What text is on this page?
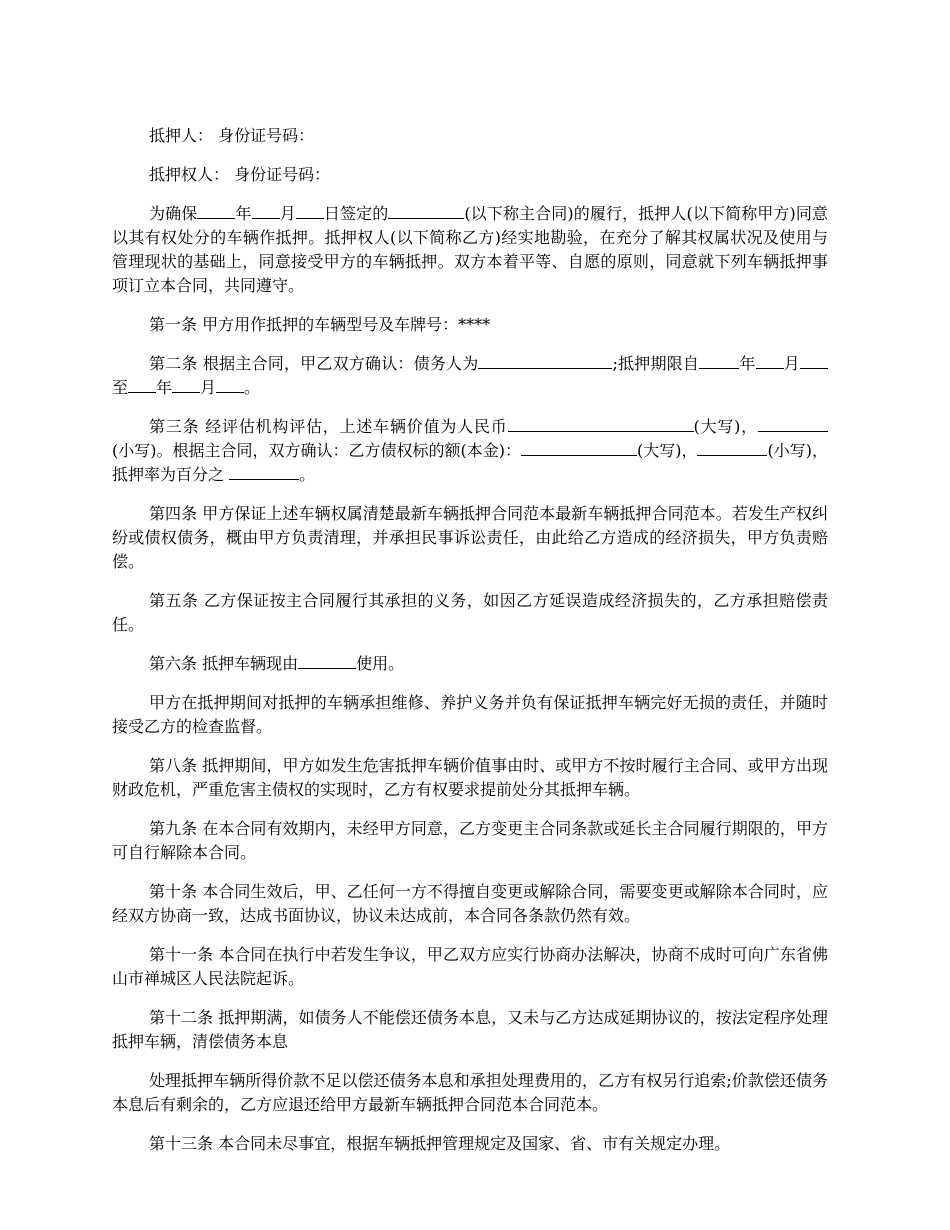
抵押人： 身份证号码：

抵押权人： 身份证号码：

为确保 年 月 日签定的	(以下称主合同)的履行，抵押人(以下简称甲方)同意以其有权处分的车辆作抵押。抵押权人(以下简称乙方)经实地勘验，在充分了解其权属状况及使用与管理现状的基础上，同意接受甲方的车辆抵押。双方本着平等、自愿的原则，同意就下列车辆抵押事项订立本合同，共同遵守。

第一条 甲方用作抵押的车辆型号及车牌号：****

第二条 根据主合同，甲乙双方确认：债务人为	;抵押期限自	年 月至 年 月 。

第三条 经评估机构评估，上述车辆价值为人民币	(大写)，(小写)。根据主合同，双方确认：乙方债权标的额(本金)：	(大写)，	(小写)，抵押率为百分之	。

第四条 甲方保证上述车辆权属清楚最新车辆抵押合同范本最新车辆抵押合同范本。若发生产权纠纷或债权债务，概由甲方负责清理，并承担民事诉讼责任，由此给乙方造成的经济损失，甲方负责赔偿。

第五条 乙方保证按主合同履行其承担的义务，如因乙方延误造成经济损失的，乙方承担赔偿责任。

第六条 抵押车辆现由	使用。

甲方在抵押期间对抵押的车辆承担维修、养护义务并负有保证抵押车辆完好无损的责任，并随时接受乙方的检查监督。

第八条 抵押期间，甲方如发生危害抵押车辆价值事由时、或甲方不按时履行主合同、或甲方出现财政危机，严重危害主债权的实现时，乙方有权要求提前处分其抵押车辆。

第九条 在本合同有效期内，未经甲方同意，乙方变更主合同条款或延长主合同履行期限的，甲方可自行解除本合同。

第十条 本合同生效后，甲、乙任何一方不得擅自变更或解除合同，需要变更或解除本合同时，应经双方协商一致，达成书面协议，协议未达成前，本合同各条款仍然有效。

第十一条 本合同在执行中若发生争议，甲乙双方应实行协商办法解决，协商不成时可向广东省佛山市禅城区人民法院起诉。

第十二条 抵押期满，如债务人不能偿还债务本息，又未与乙方达成延期协议的，按法定程序处理抵押车辆，清偿债务本息

处理抵押车辆所得价款不足以偿还债务本息和承担处理费用的，乙方有权另行追索;价款偿还债务本息后有剩余的，乙方应退还给甲方最新车辆抵押合同范本合同范本。

第十三条 本合同未尽事宜，根据车辆抵押管理规定及国家、省、市有关规定办理。
